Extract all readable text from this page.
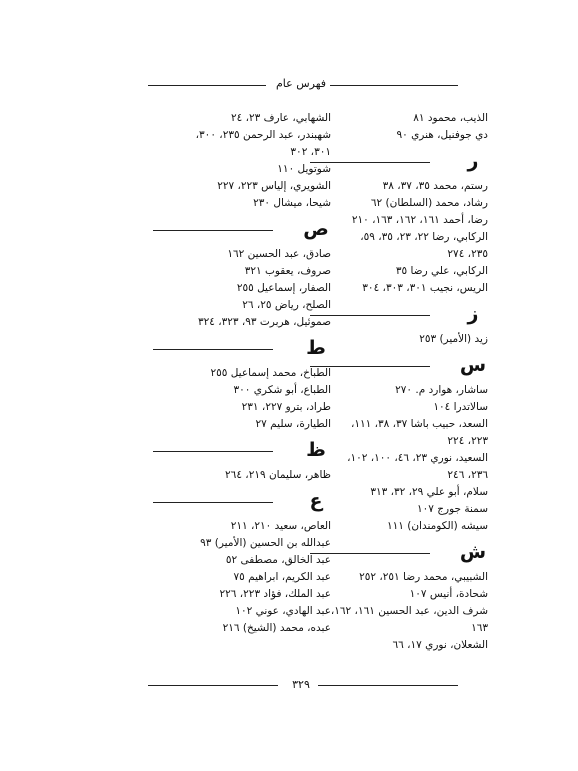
فهرس عام

الذيب، محمود ٨١

دي جوفنيل، هنري ٩٠

ر

رستم، محمد ٣٥، ٣٧، ٣٨

رشاد، محمد (السلطان) ٦٢

رضا، أحمد ١٦١، ١٦٢، ١٦٣، ٢١٠

الركابي، رضا ٢٢، ٢٣، ٣٥، ٥٩،

٢٣٥، ٢٧٤

الركابي، علي رضا ٣٥

الريس، نجيب ٣٠١، ٣٠٣، ٣٠٤

ز

زيد (الأمير) ٢٥٣

س

ساشار، هوارد م. ٢٧٠

سالاتدرا ١٠٤

السعد، حبيب باشا ٣٧، ٣٨، ١١١،

٢٢٣، ٢٢٤

السعيد، نوري ٢٣، ٤٦، ١٠٠، ١٠٢،

٢٣٦، ٢٤٦

سلام، أبو علي ٢٩، ٣٢، ٣١٣

سمنة جورج ١٠٧

سيشه (الكومندان) ١١١

ش

الشبيبي، محمد رضا ٢٥١، ٢٥٢

شحادة، أنيس ١٠٧

شرف الدين، عبد الحسين ١٦١، ١٦٢،

١٦٣

الشعلان، نوري ١٧، ٦٦

الشهابي، عارف ٢٣، ٢٤

شهبندر، عبد الرحمن ٢٣٥، ٣٠٠،

٣٠١، ٣٠٢

شوتويل ١١٠

الشويري، إلياس ٢٢٣، ٢٢٧

شيحا، ميشال ٢٣٠

ص

صادق، عبد الحسين ١٦٢

صروف، يعقوب ٣٢١

الصفار، إسماعيل ٢٥٥

الصلح، رياض ٢٥، ٢٦

صموئيل، هربرت ٩٣، ٣٢٣، ٣٢٤

ط

الطباخ، محمد إسماعيل ٢٥٥

الطباع، أبو شكري ٣٠٠

طراد، بترو ٢٢٧، ٢٣١

الطيارة، سليم ٢٧

ظ

ظاهر، سليمان ٢١٩، ٢٦٤

ع

العاص، سعيد ٢١٠، ٢١١

عبدالله بن الحسين (الأمير) ٩٣

عبد الخالق، مصطفى ٥٢

عبد الكريم، ابراهيم ٧٥

عبد الملك، فؤاد ٢٢٣، ٢٢٦

عبد الهادي، عوني ١٠٢

عبده، محمد (الشيخ) ٢١٦

٣٢٩
